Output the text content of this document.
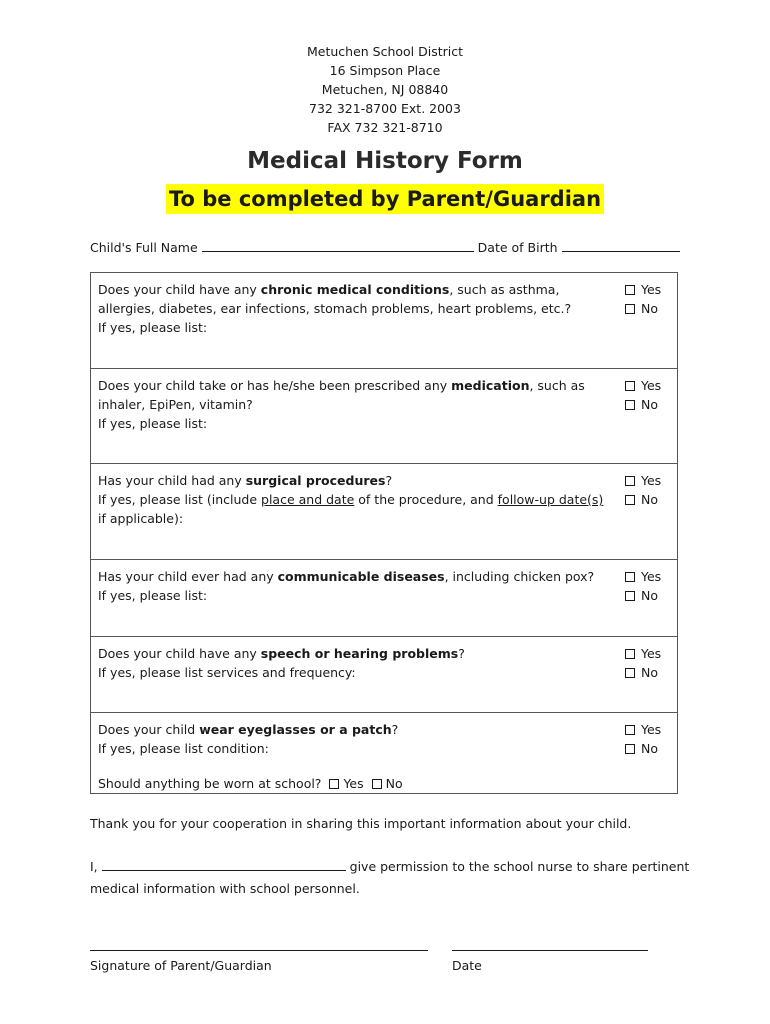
Metuchen School District
16 Simpson Place
Metuchen, NJ 08840
732 321-8700 Ext. 2003
FAX 732 321-8710
Medical History Form
To be completed by Parent/Guardian
Child's Full Name	Date of Birth
Does your child have any chronic medical conditions, such as asthma, allergies, diabetes, ear infections, stomach problems, heart problems, etc.?
If yes, please list:
Yes
No
Does your child take or has he/she been prescribed any medication, such as inhaler, EpiPen, vitamin?
If yes, please list:
Yes
No
Has your child had any surgical procedures?
If yes, please list (include place and date of the procedure, and follow-up date(s) if applicable):
Yes
No
Has your child ever had any communicable diseases, including chicken pox?
If yes, please list:
Yes
No
Does your child have any speech or hearing problems?
If yes, please list services and frequency:
Yes
No
Does your child wear eyeglasses or a patch?
If yes, please list condition:
Yes
No
Should anything be worn at school? Yes No
Thank you for your cooperation in sharing this important information about your child.
I,	give permission to the school nurse to share pertinent medical information with school personnel.
Signature of Parent/Guardian	Date
